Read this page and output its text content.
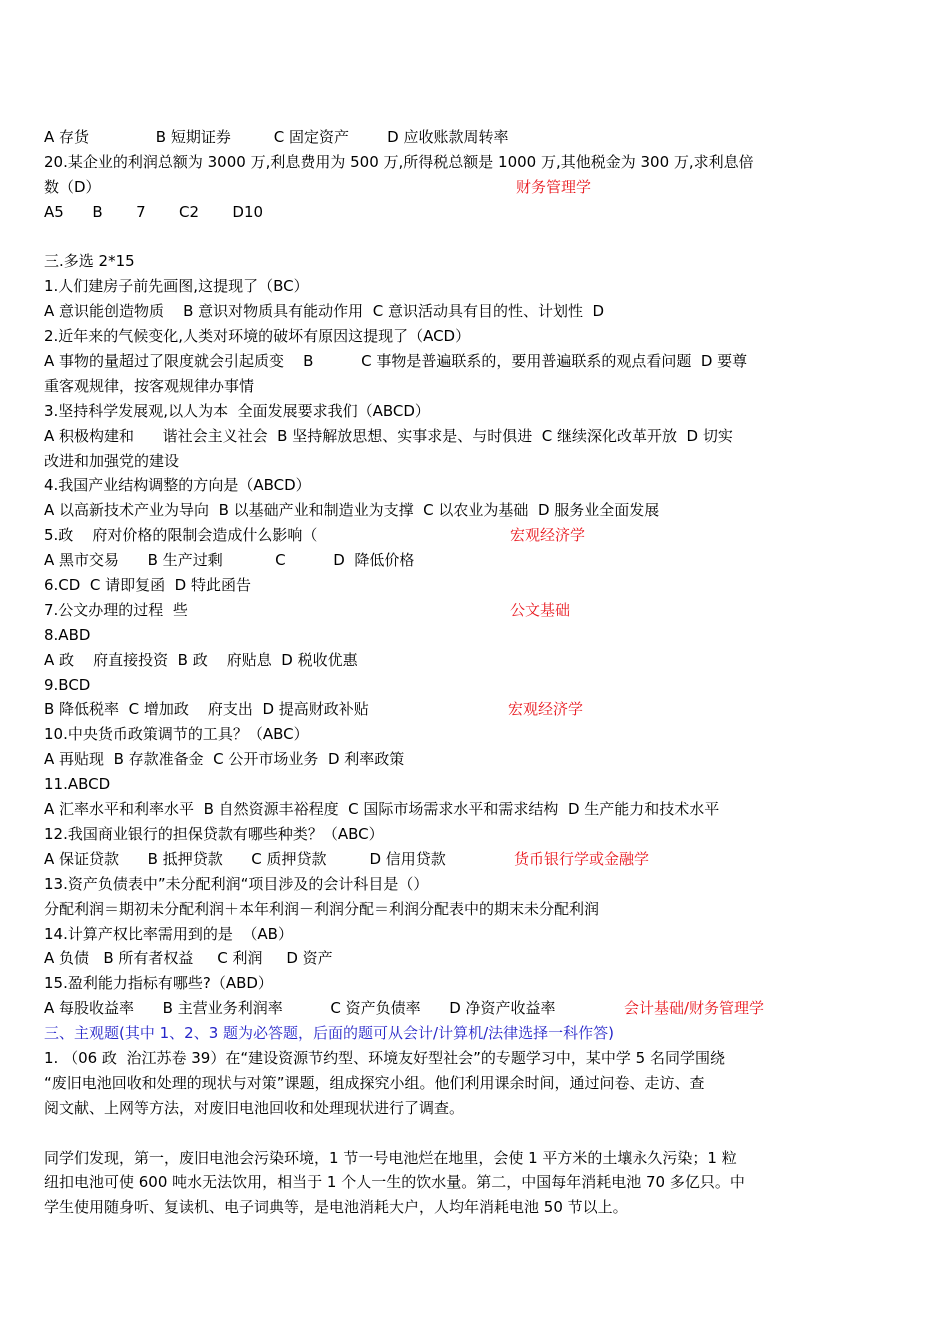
A 存货              B 短期证券         C 固定资产        D 应收账款周转率
20.某企业的利润总额为 3000 万,利息费用为 500 万,所得税总额是 1000 万,其他税金为 300 万,求利息倍
数（D）	财务管理学
A5      B       7       C2       D10
三.多选 2*15
1.人们建房子前先画图,这提现了（BC）
A 意识能创造物质    B 意识对物质具有能动作用  C 意识活动具有目的性、计划性  D
2.近年来的气候变化,人类对环境的破坏有原因这提现了（ACD）
A 事物的量超过了限度就会引起质变    B          C 事物是普遍联系的，要用普遍联系的观点看问题  D 要尊
重客观规律，按客观规律办事情
3.坚持科学发展观,以人为本  全面发展要求我们（ABCD）
A 积极构建和      谐社会主义社会  B 坚持解放思想、实事求是、与时俱进  C 继续深化改革开放  D 切实
改进和加强党的建设
4.我国产业结构调整的方向是（ABCD）
A 以高新技术产业为导向  B 以基础产业和制造业为支撑  C 以农业为基础  D 服务业全面发展
5.政    府对价格的限制会造成什么影响（	宏观经济学
A 黑市交易      B 生产过剩           C          D  降低价格
6.CD  C 请即复函  D 特此函告
7.公文办理的过程  些	公文基础
8.ABD
A 政    府直接投资  B 政    府贴息  D 税收优惠
9.BCD
B 降低税率  C 增加政    府支出  D 提高财政补贴	宏观经济学
10.中央货币政策调节的工具？（ABC）
A 再贴现  B 存款准备金  C 公开市场业务  D 利率政策
11.ABCD
A 汇率水平和利率水平  B 自然资源丰裕程度  C 国际市场需求水平和需求结构  D 生产能力和技术水平
12.我国商业银行的担保贷款有哪些种类？（ABC）
A 保证贷款      B 抵押贷款      C 质押贷款         D 信用贷款	货币银行学或金融学
13.资产负债表中”未分配利润“项目涉及的会计科目是（）
分配利润＝期初未分配利润＋本年利润－利润分配＝利润分配表中的期末未分配利润
14.计算产权比率需用到的是  （AB）
A 负债   B 所有者权益     C 利润     D 资产
15.盈利能力指标有哪些?（ABD）
A 每股收益率      B 主营业务利润率          C 资产负债率      D 净资产收益率	会计基础/财务管理学
三、主观题(其中 1、2、3 题为必答题，后面的题可从会计/计算机/法律选择一科作答)
1. （06 政  治江苏卷 39）在“建设资源节约型、环境友好型社会”的专题学习中，某中学 5 名同学围绕
“废旧电池回收和处理的现状与对策”课题，组成探究小组。他们利用课余时间，通过问卷、走访、查
阅文献、上网等方法，对废旧电池回收和处理现状进行了调查。
同学们发现，第一，废旧电池会污染环境，1 节一号电池烂在地里，会使 1 平方米的土壤永久污染；1 粒
纽扣电池可使 600 吨水无法饮用，相当于 1 个人一生的饮水量。第二，中国每年消耗电池 70 多亿只。中
学生使用随身听、复读机、电子词典等，是电池消耗大户，人均年消耗电池 50 节以上。
